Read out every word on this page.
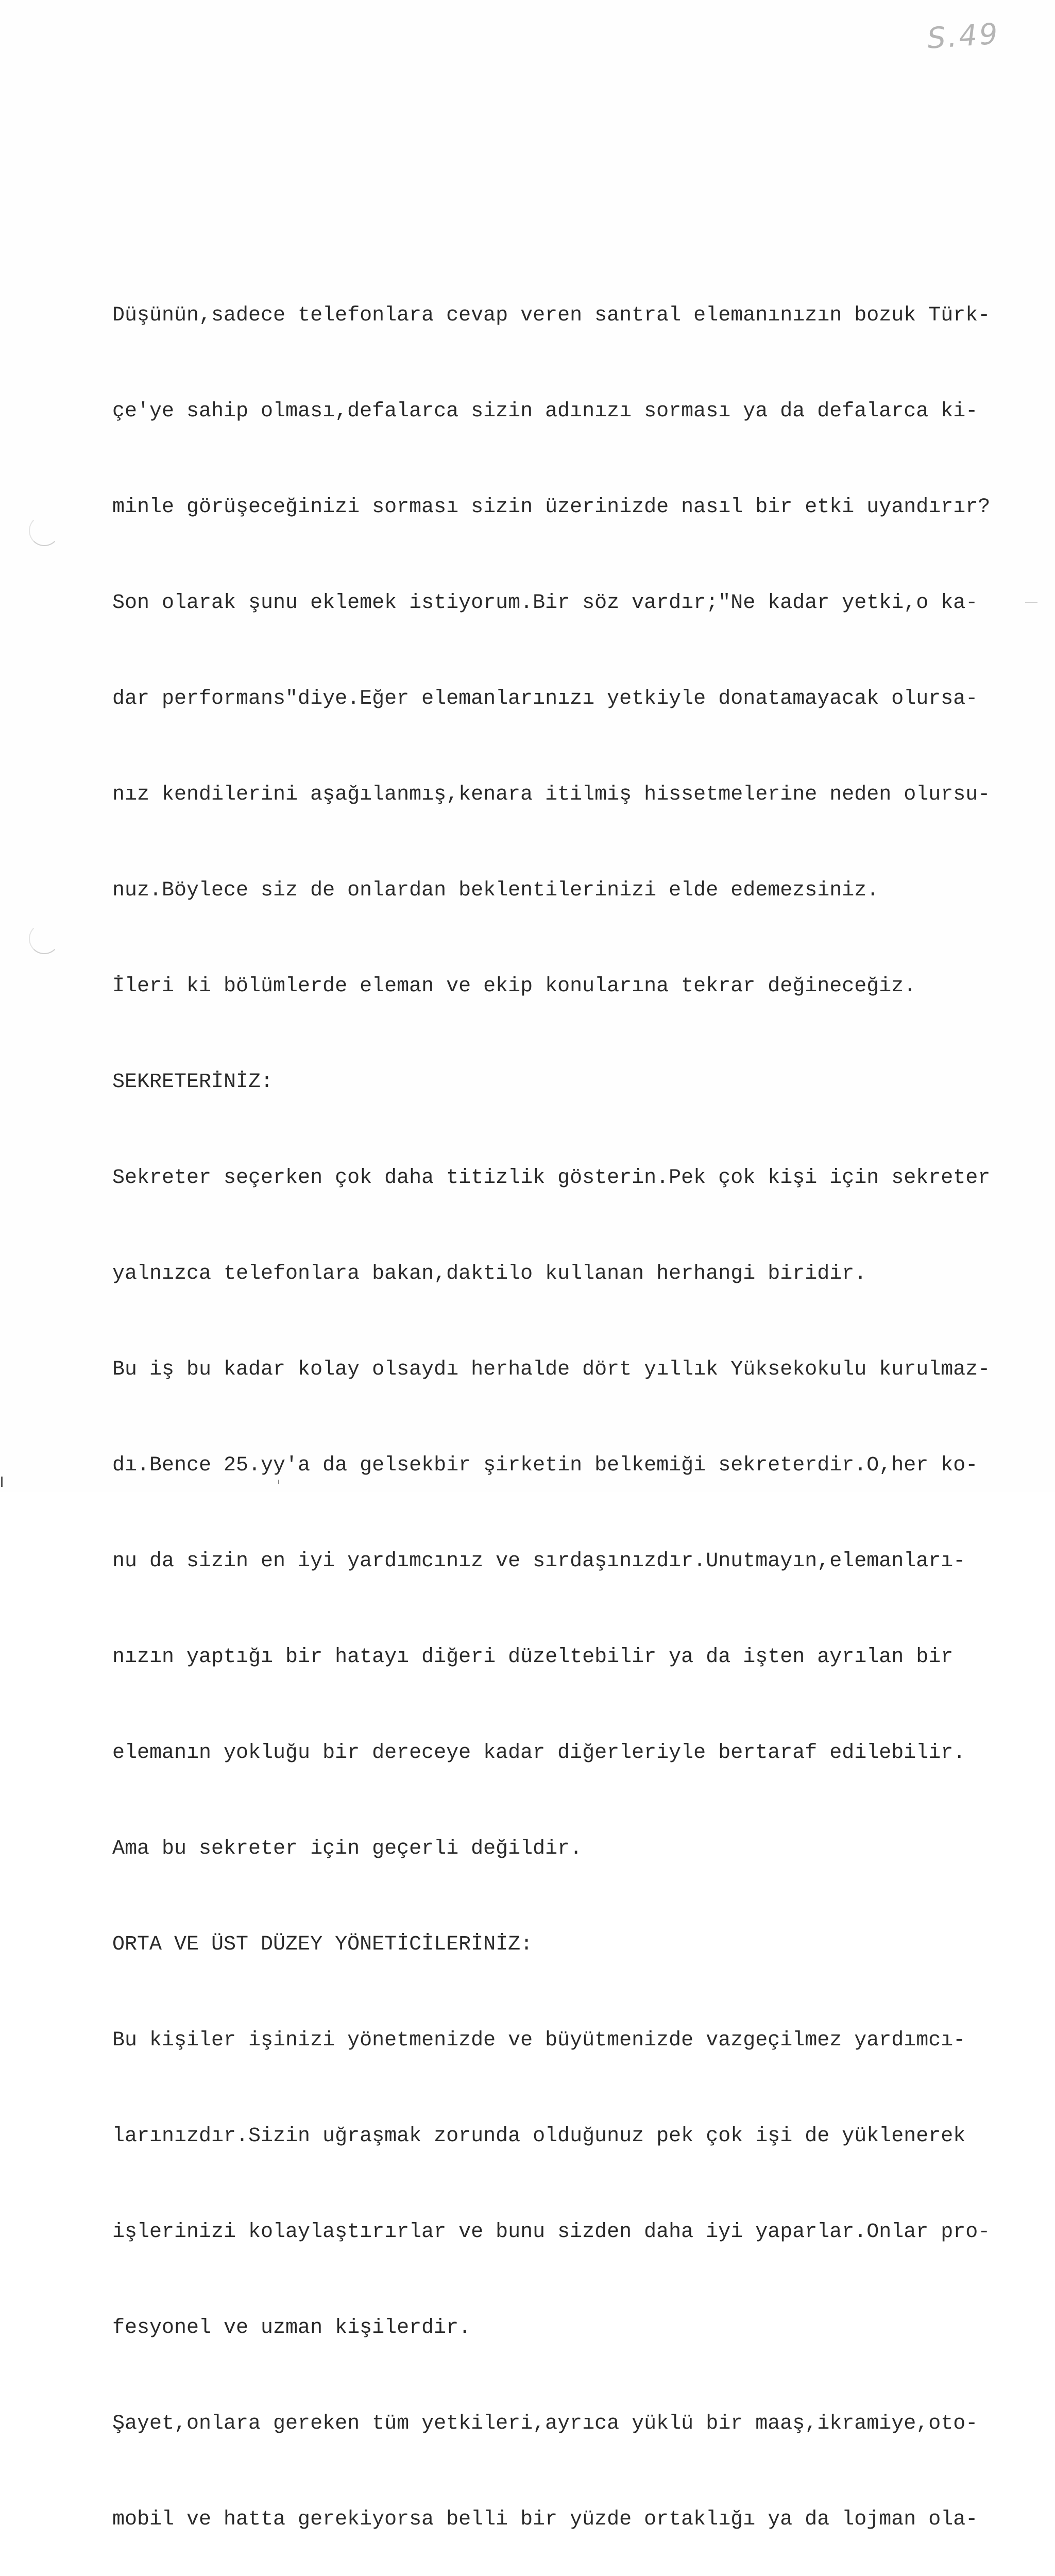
S.49

Düşünün,sadece telefonlara cevap veren santral elemanınızın bozuk Türk-

çe'ye sahip olması,defalarca sizin adınızı sorması ya da defalarca ki-

minle görüşeceğinizi sorması sizin üzerinizde nasıl bir etki uyandırır?

Son olarak şunu eklemek istiyorum.Bir söz vardır;"Ne kadar yetki,o ka-

dar performans"diye.Eğer elemanlarınızı yetkiyle donatamayacak olursa-

nız kendilerini aşağılanmış,kenara itilmiş hissetmelerine neden olursu-

nuz.Böylece siz de onlardan beklentilerinizi elde edemezsiniz.

İleri ki bölümlerde eleman ve ekip konularına tekrar değineceğiz.

SEKRETERİNİZ:

Sekreter seçerken çok daha titizlik gösterin.Pek çok kişi için sekreter

yalnızca telefonlara bakan,daktilo kullanan herhangi biridir.

Bu iş bu kadar kolay olsaydı herhalde dört yıllık Yüksekokulu kurulmaz-

dı.Bence 25.yy'a da gelsekbir şirketin belkemiği sekreterdir.O,her ko-

nu da sizin en iyi yardımcınız ve sırdaşınızdır.Unutmayın,elemanları-

nızın yaptığı bir hatayı diğeri düzeltebilir ya da işten ayrılan bir

elemanın yokluğu bir dereceye kadar diğerleriyle bertaraf edilebilir.

Ama bu sekreter için geçerli değildir.

ORTA VE ÜST DÜZEY YÖNETİCİLERİNİZ:

Bu kişiler işinizi yönetmenizde ve büyütmenizde vazgeçilmez yardımcı-

larınızdır.Sizin uğraşmak zorunda olduğunuz pek çok işi de yüklenerek

işlerinizi kolaylaştırırlar ve bunu sizden daha iyi yaparlar.Onlar pro-

fesyonel ve uzman kişilerdir.

Şayet,onlara gereken tüm yetkileri,ayrıca yüklü bir maaş,ikramiye,oto-

mobil ve hatta gerekiyorsa belli bir yüzde ortaklığı ya da lojman ola-
